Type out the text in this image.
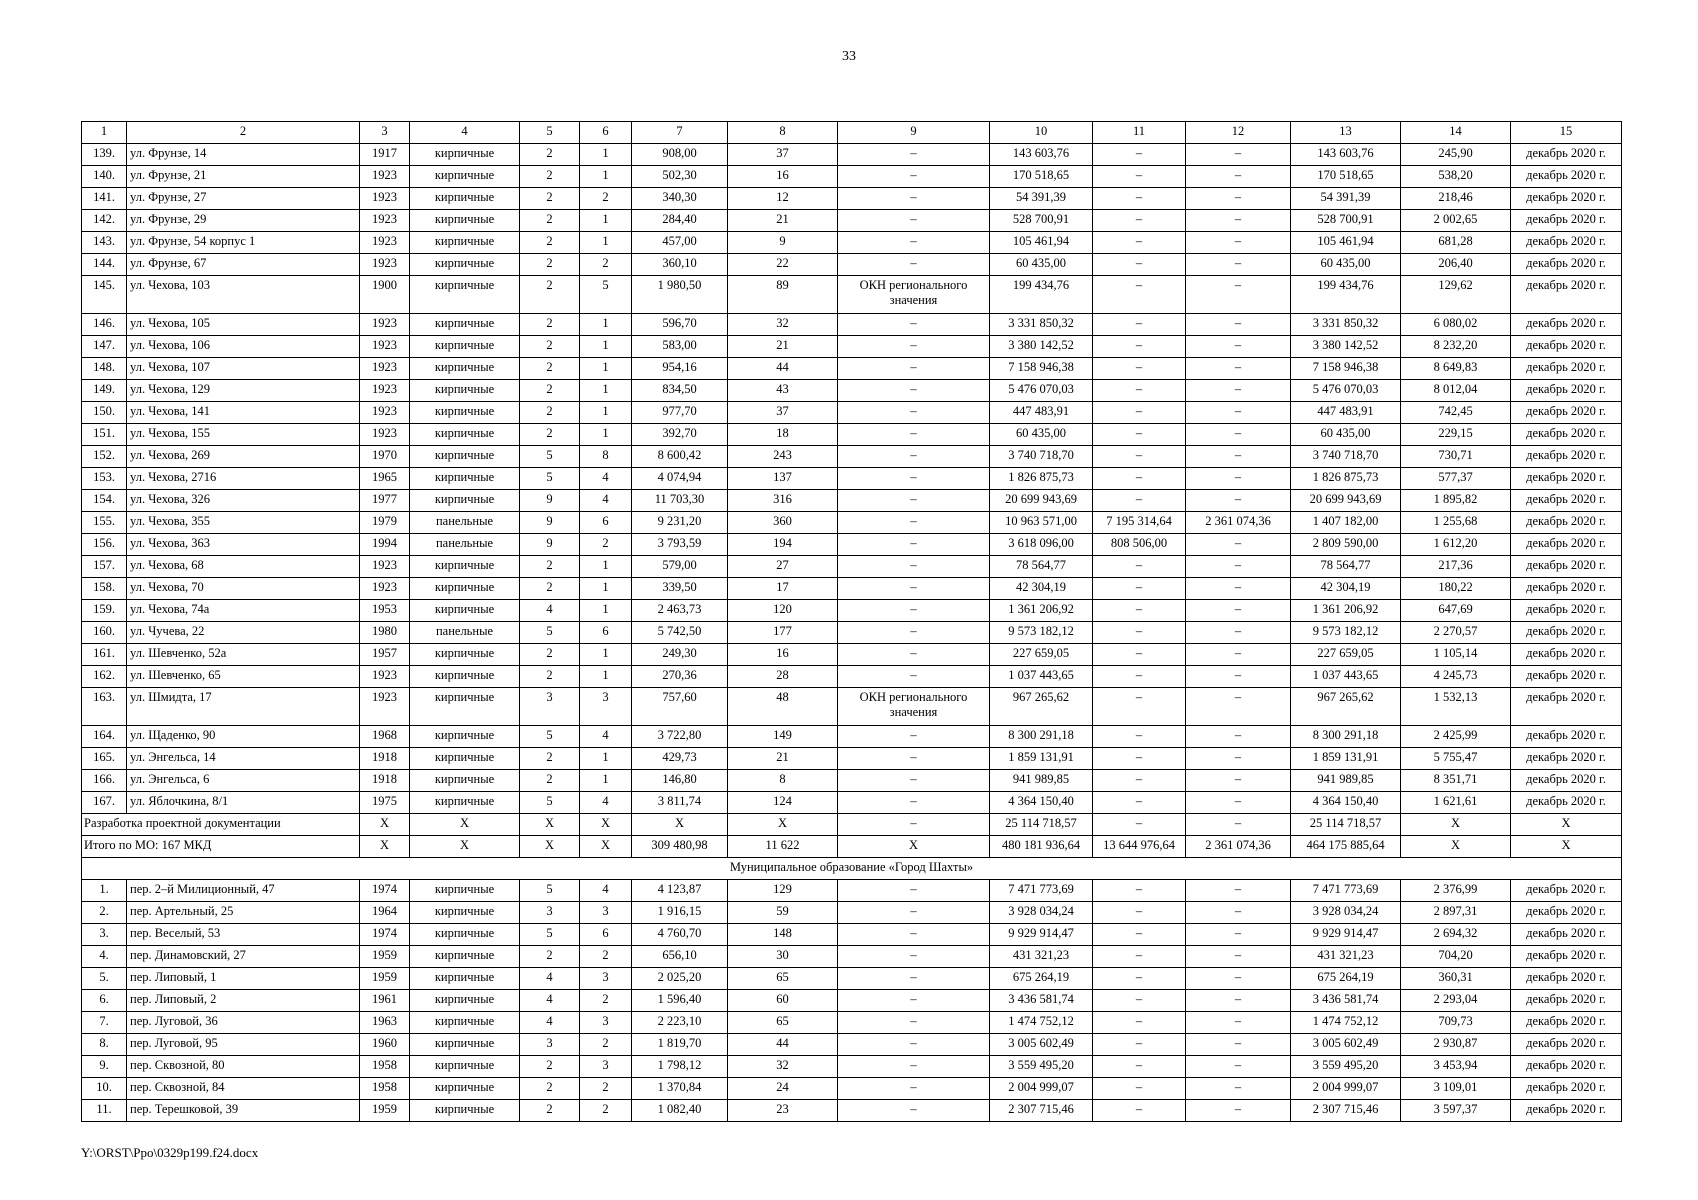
33
1	2	3	4	5	6	7	8	9	10	11	12	13	14	15
139.	ул. Фрунзе, 14	1917	кирпичные	2	1	908,00	37	–	143 603,76	–	–	143 603,76	245,90	декабрь 2020 г.
140.	ул. Фрунзе, 21	1923	кирпичные	2	1	502,30	16	–	170 518,65	–	–	170 518,65	538,20	декабрь 2020 г.
141.	ул. Фрунзе, 27	1923	кирпичные	2	2	340,30	12	–	54 391,39	–	–	54 391,39	218,46	декабрь 2020 г.
142.	ул. Фрунзе, 29	1923	кирпичные	2	1	284,40	21	–	528 700,91	–	–	528 700,91	2 002,65	декабрь 2020 г.
143.	ул. Фрунзе, 54 корпус 1	1923	кирпичные	2	1	457,00	9	–	105 461,94	–	–	105 461,94	681,28	декабрь 2020 г.
144.	ул. Фрунзе, 67	1923	кирпичные	2	2	360,10	22	–	60 435,00	–	–	60 435,00	206,40	декабрь 2020 г.
145.	ул. Чехова, 103	1900	кирпичные	2	5	1 980,50	89	ОКН регионального значения	199 434,76	–	–	199 434,76	129,62	декабрь 2020 г.
146.	ул. Чехова, 105	1923	кирпичные	2	1	596,70	32	–	3 331 850,32	–	–	3 331 850,32	6 080,02	декабрь 2020 г.
147.	ул. Чехова, 106	1923	кирпичные	2	1	583,00	21	–	3 380 142,52	–	–	3 380 142,52	8 232,20	декабрь 2020 г.
148.	ул. Чехова, 107	1923	кирпичные	2	1	954,16	44	–	7 158 946,38	–	–	7 158 946,38	8 649,83	декабрь 2020 г.
149.	ул. Чехова, 129	1923	кирпичные	2	1	834,50	43	–	5 476 070,03	–	–	5 476 070,03	8 012,04	декабрь 2020 г.
150.	ул. Чехова, 141	1923	кирпичные	2	1	977,70	37	–	447 483,91	–	–	447 483,91	742,45	декабрь 2020 г.
151.	ул. Чехова, 155	1923	кирпичные	2	1	392,70	18	–	60 435,00	–	–	60 435,00	229,15	декабрь 2020 г.
152.	ул. Чехова, 269	1970	кирпичные	5	8	8 600,42	243	–	3 740 718,70	–	–	3 740 718,70	730,71	декабрь 2020 г.
153.	ул. Чехова, 2716	1965	кирпичные	5	4	4 074,94	137	–	1 826 875,73	–	–	1 826 875,73	577,37	декабрь 2020 г.
154.	ул. Чехова, 326	1977	кирпичные	9	4	11 703,30	316	–	20 699 943,69	–	–	20 699 943,69	1 895,82	декабрь 2020 г.
155.	ул. Чехова, 355	1979	панельные	9	6	9 231,20	360	–	10 963 571,00	7 195 314,64	2 361 074,36	1 407 182,00	1 255,68	декабрь 2020 г.
156.	ул. Чехова, 363	1994	панельные	9	2	3 793,59	194	–	3 618 096,00	808 506,00	–	2 809 590,00	1 612,20	декабрь 2020 г.
157.	ул. Чехова, 68	1923	кирпичные	2	1	579,00	27	–	78 564,77	–	–	78 564,77	217,36	декабрь 2020 г.
158.	ул. Чехова, 70	1923	кирпичные	2	1	339,50	17	–	42 304,19	–	–	42 304,19	180,22	декабрь 2020 г.
159.	ул. Чехова, 74а	1953	кирпичные	4	1	2 463,73	120	–	1 361 206,92	–	–	1 361 206,92	647,69	декабрь 2020 г.
160.	ул. Чучева, 22	1980	панельные	5	6	5 742,50	177	–	9 573 182,12	–	–	9 573 182,12	2 270,57	декабрь 2020 г.
161.	ул. Шевченко, 52а	1957	кирпичные	2	1	249,30	16	–	227 659,05	–	–	227 659,05	1 105,14	декабрь 2020 г.
162.	ул. Шевченко, 65	1923	кирпичные	2	1	270,36	28	–	1 037 443,65	–	–	1 037 443,65	4 245,73	декабрь 2020 г.
163.	ул. Шмидта, 17	1923	кирпичные	3	3	757,60	48	ОКН регионального значения	967 265,62	–	–	967 265,62	1 532,13	декабрь 2020 г.
164.	ул. Щаденко, 90	1968	кирпичные	5	4	3 722,80	149	–	8 300 291,18	–	–	8 300 291,18	2 425,99	декабрь 2020 г.
165.	ул. Энгельса, 14	1918	кирпичные	2	1	429,73	21	–	1 859 131,91	–	–	1 859 131,91	5 755,47	декабрь 2020 г.
166.	ул. Энгельса, 6	1918	кирпичные	2	1	146,80	8	–	941 989,85	–	–	941 989,85	8 351,71	декабрь 2020 г.
167.	ул. Яблочкина, 8/1	1975	кирпичные	5	4	3 811,74	124	–	4 364 150,40	–	–	4 364 150,40	1 621,61	декабрь 2020 г.
Разработка проектной документации		Х	Х	Х	Х	Х	Х	–	25 114 718,57	–	–	25 114 718,57	Х	Х
Итого по МО: 167 МКД		Х	Х	Х	Х	309 480,98	11 622	Х	480 181 936,64	13 644 976,64	2 361 074,36	464 175 885,64	Х	Х
Муниципальное образование «Город Шахты»														
1.	пер. 2–й Милиционный, 47	1974	кирпичные	5	4	4 123,87	129	–	7 471 773,69	–	–	7 471 773,69	2 376,99	декабрь 2020 г.
2.	пер. Артельный, 25	1964	кирпичные	3	3	1 916,15	59	–	3 928 034,24	–	–	3 928 034,24	2 897,31	декабрь 2020 г.
3.	пер. Веселый, 53	1974	кирпичные	5	6	4 760,70	148	–	9 929 914,47	–	–	9 929 914,47	2 694,32	декабрь 2020 г.
4.	пер. Динамовский, 27	1959	кирпичные	2	2	656,10	30	–	431 321,23	–	–	431 321,23	704,20	декабрь 2020 г.
5.	пер. Липовый, 1	1959	кирпичные	4	3	2 025,20	65	–	675 264,19	–	–	675 264,19	360,31	декабрь 2020 г.
6.	пер. Липовый, 2	1961	кирпичные	4	2	1 596,40	60	–	3 436 581,74	–	–	3 436 581,74	2 293,04	декабрь 2020 г.
7.	пер. Луговой, 36	1963	кирпичные	4	3	2 223,10	65	–	1 474 752,12	–	–	1 474 752,12	709,73	декабрь 2020 г.
8.	пер. Луговой, 95	1960	кирпичные	3	2	1 819,70	44	–	3 005 602,49	–	–	3 005 602,49	2 930,87	декабрь 2020 г.
9.	пер. Сквозной, 80	1958	кирпичные	2	3	1 798,12	32	–	3 559 495,20	–	–	3 559 495,20	3 453,94	декабрь 2020 г.
10.	пер. Сквозной, 84	1958	кирпичные	2	2	1 370,84	24	–	2 004 999,07	–	–	2 004 999,07	3 109,01	декабрь 2020 г.
11.	пер. Терешковой, 39	1959	кирпичные	2	2	1 082,40	23	–	2 307 715,46	–	–	2 307 715,46	3 597,37	декабрь 2020 г.
Y:\ORST\Ppo\0329p199.f24.docx
